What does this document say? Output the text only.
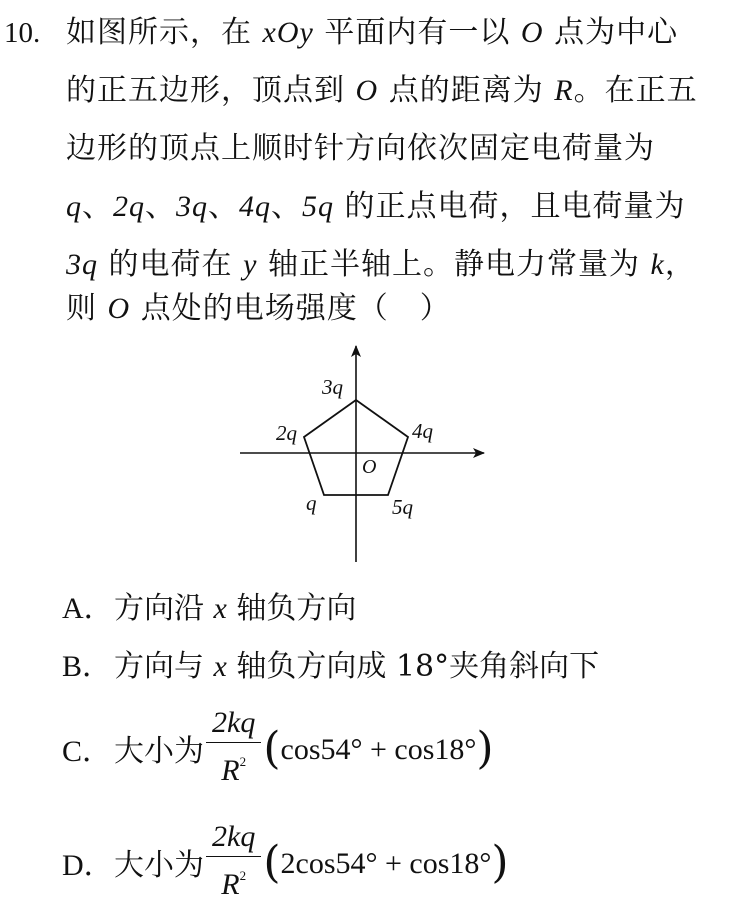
10. 如图所示，在 xOy 平面内有一以 O 点为中心
的正五边形，顶点到 O 点的距离为 R。在正五
边形的顶点上顺时针方向依次固定电荷量为
q、2q、3q、4q、5q 的正点电荷，且电荷量为
3q 的电荷在 y 轴正半轴上。静电力常量为 k，
则 O 点处的电场强度（　）
3q
2q	4q
q	5q
O
A．方向沿 x 轴负方向
B．方向与 x 轴负方向成 18°夹角斜向下
C．大小为 $\frac{2kq}{R^2} (\cos 54^\circ + \cos 18^\circ)$
D．大小为 $\frac{2kq}{R^2} (2\cos 54^\circ + \cos 18^\circ)$
